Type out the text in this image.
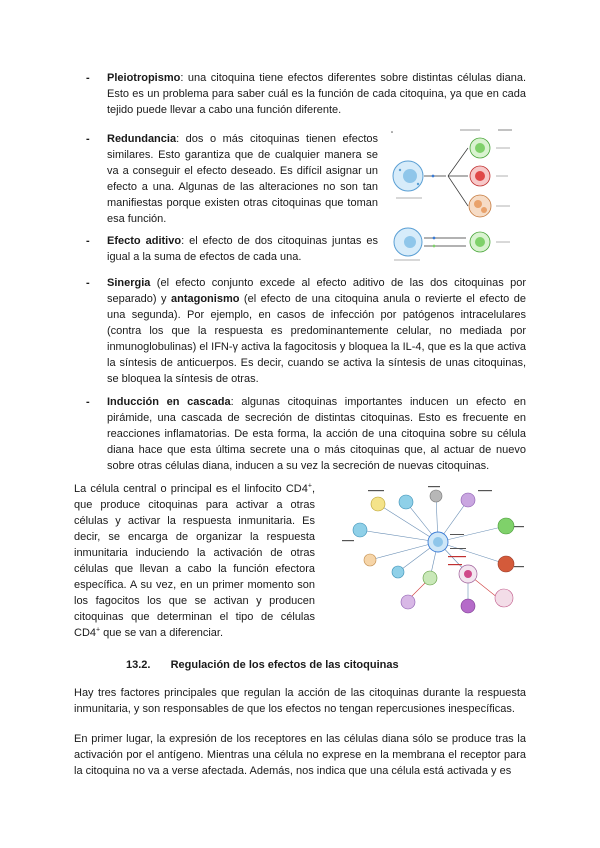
- Pleiotropismo: una citoquina tiene efectos diferentes sobre distintas células diana. Esto es un problema para saber cuál es la función de cada citoquina, ya que en cada tejido puede llevar a cabo una función diferente.

- Redundancia: dos o más citoquinas tienen efectos similares. Esto garantiza que de cualquier manera se va a conseguir el efecto deseado. Es difícil asignar un efecto a una. Algunas de las alteraciones no son tan manifiestas porque existen otras citoquinas que toman esa función.

- Efecto aditivo: el efecto de dos citoquinas juntas es igual a la suma de efectos de cada una.

- Sinergia (el efecto conjunto excede al efecto aditivo de las dos citoquinas por separado) y antagonismo (el efecto de una citoquina anula o revierte el efecto de una segunda). Por ejemplo, en casos de infección por patógenos intracelulares (contra los que la respuesta es predominantemente celular, no mediada por inmunoglobulinas) el IFN-γ activa la fagocitosis y bloquea la IL-4, que es la que activa la síntesis de anticuerpos. Es decir, cuando se activa la síntesis de unas citoquinas, se bloquea la síntesis de otras.

- Inducción en cascada: algunas citoquinas importantes inducen un efecto en pirámide, una cascada de secreción de distintas citoquinas. Esto es frecuente en reacciones inflamatorias. De esta forma, la acción de una citoquina sobre su célula diana hace que esta última secrete una o más citoquinas que, al actuar de nuevo sobre otras células diana, inducen a su vez la secreción de nuevas citoquinas.

La célula central o principal es el linfocito CD4+, que produce citoquinas para activar a otras células y activar la respuesta inmunitaria. Es decir, se encarga de organizar la respuesta inmunitaria induciendo la activación de otras células que llevan a cabo la función efectora específica. A su vez, en un primer momento son los fagocitos los que se activan y producen citoquinas que determinan el tipo de células CD4+ que se van a diferenciar.

13.2. Regulación de los efectos de las citoquinas

Hay tres factores principales que regulan la acción de las citoquinas durante la respuesta inmunitaria, y son responsables de que los efectos no tengan repercusiones inespecíficas.

En primer lugar, la expresión de los receptores en las células diana sólo se produce tras la activación por el antígeno. Mientras una célula no exprese en la membrana el receptor para la citoquina no va a verse afectada. Además, nos indica que una célula está activada y es
